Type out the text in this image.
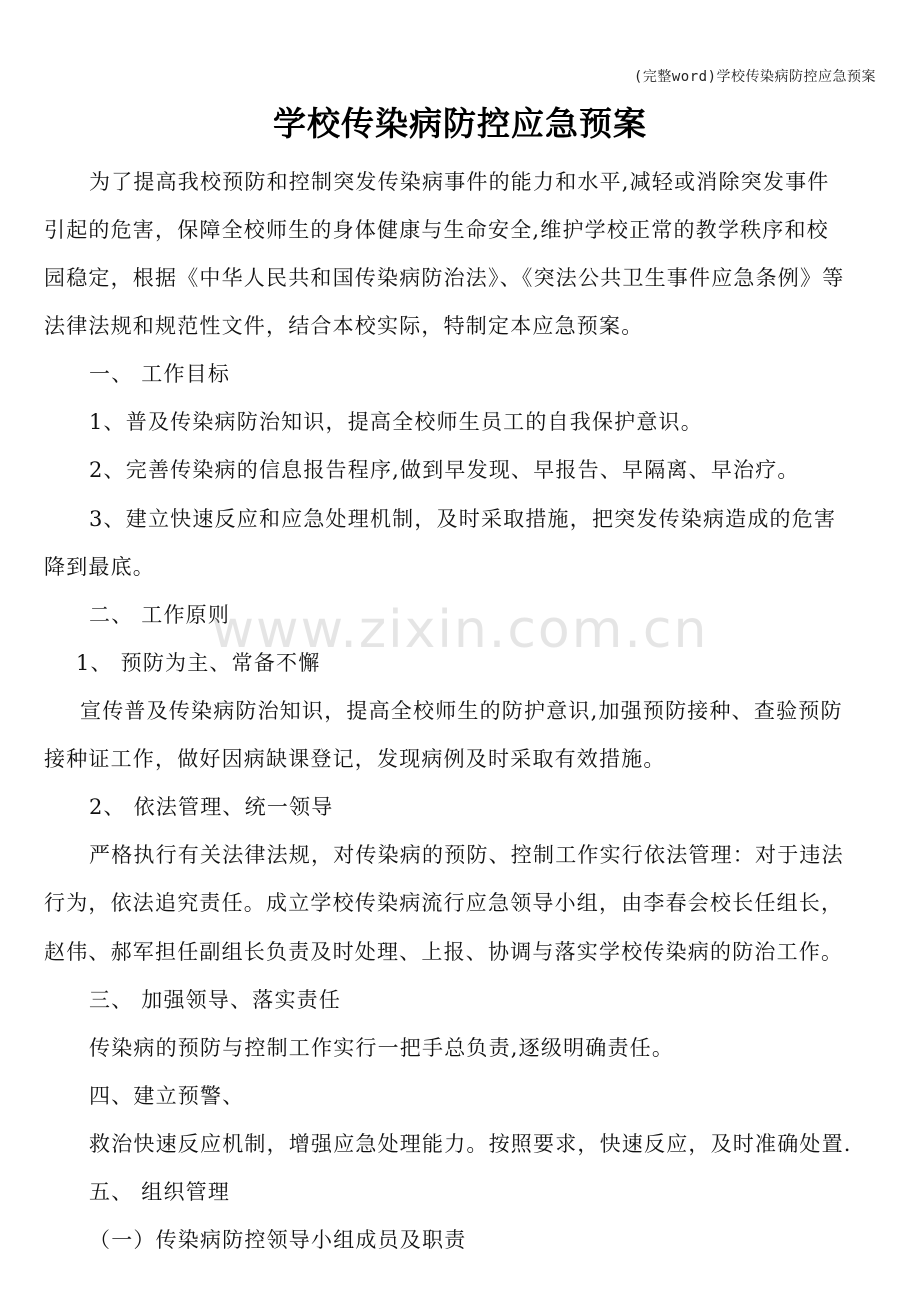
(完整word)学校传染病防控应急预案
学校传染病防控应急预案
为了提高我校预防和控制突发传染病事件的能力和水平,减轻或消除突发事件
引起的危害，保障全校师生的身体健康与生命安全,维护学校正常的教学秩序和校
园稳定，根据《中华人民共和国传染病防治法》、《突法公共卫生事件应急条例》等
法律法规和规范性文件，结合本校实际，特制定本应急预案。
一、 工作目标
1、普及传染病防治知识，提高全校师生员工的自我保护意识。
2、完善传染病的信息报告程序,做到早发现、早报告、早隔离、早治疗。
3、建立快速反应和应急处理机制，及时采取措施，把突发传染病造成的危害
降到最底。
二、 工作原则
1、 预防为主、常备不懈
宣传普及传染病防治知识，提高全校师生的防护意识,加强预防接种、查验预防
接种证工作，做好因病缺课登记，发现病例及时采取有效措施。
2、 依法管理、统一领导
严格执行有关法律法规，对传染病的预防、控制工作实行依法管理：对于违法
行为，依法追究责任。成立学校传染病流行应急领导小组，由李春会校长任组长，
赵伟、郝军担任副组长负责及时处理、上报、协调与落实学校传染病的防治工作。
三、 加强领导、落实责任
传染病的预防与控制工作实行一把手总负责,逐级明确责任。
四、建立预警、
救治快速反应机制，增强应急处理能力。按照要求，快速反应，及时准确处置.
五、 组织管理
（一）传染病防控领导小组成员及职责
www.zixin.com.cn
